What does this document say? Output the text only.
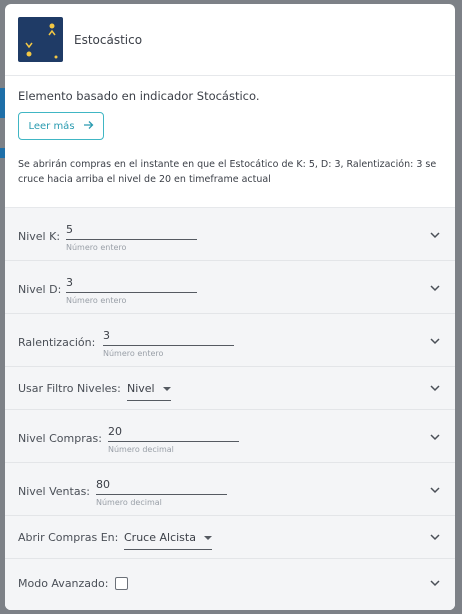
Estocástico
Elemento basado en indicador Stocástico.
Leer más
Se abrirán compras en el instante en que el Estocático de K: 5, D: 3, Ralentización: 3 se cruce hacia arriba el nivel de 20 en timeframe actual
Nivel K:
5
Número entero
Nivel D:
3
Número entero
Ralentización:
3
Número entero
Usar Filtro Niveles: Nivel
Nivel Compras:
20
Número decimal
Nivel Ventas:
80
Número decimal
Abrir Compras En: Cruce Alcista
Modo Avanzado:
